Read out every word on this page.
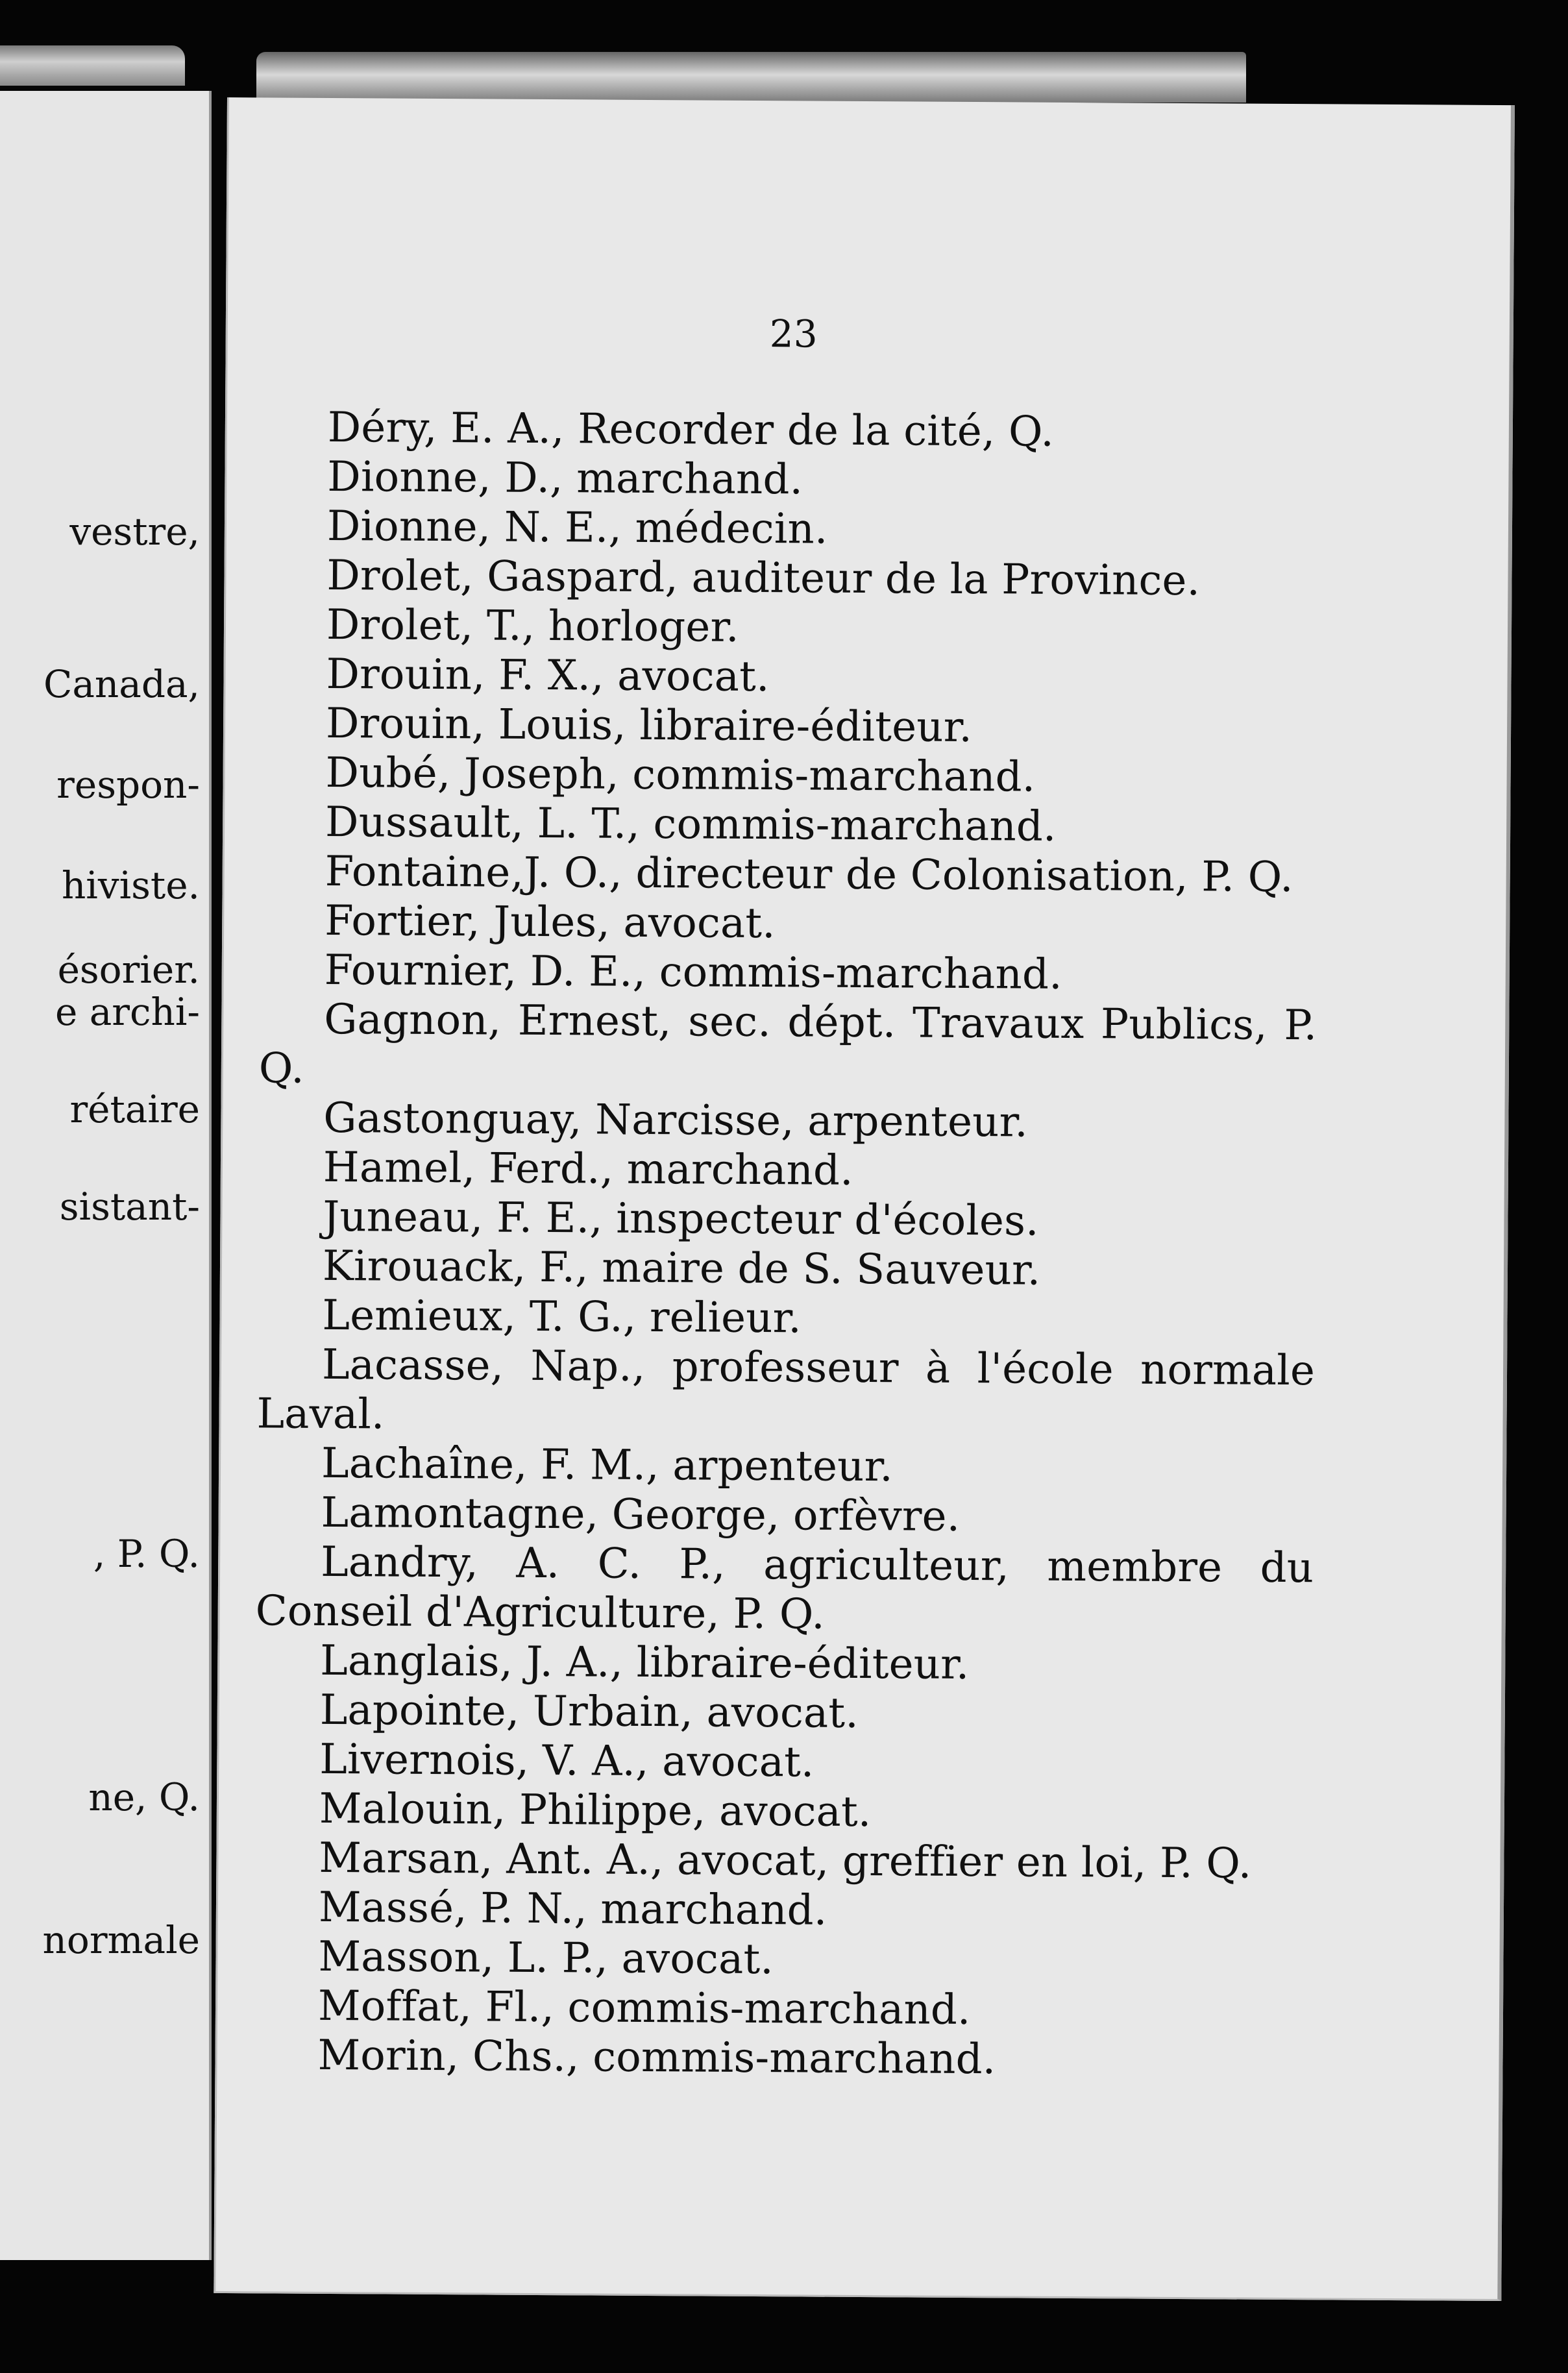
vestre,
Canada,
respon-
hiviste.
ésorier.
e archi-
rétaire
sistant-
, P. Q.
ne, Q.
normale
23
Déry, E. A., Recorder de la cité, Q.
Dionne, D., marchand.
Dionne, N. E., médecin.
Drolet, Gaspard, auditeur de la Province.
Drolet, T., horloger.
Drouin, F. X., avocat.
Drouin, Louis, libraire-éditeur.
Dubé, Joseph, commis-marchand.
Dussault, L. T., commis-marchand.
Fontaine,J. O., directeur de Colonisation, P. Q.
Fortier, Jules, avocat.
Fournier, D. E., commis-marchand.
Gagnon, Ernest, sec. dépt. Travaux Publics, P. Q.
Gastonguay, Narcisse, arpenteur.
Hamel, Ferd., marchand.
Juneau, F. E., inspecteur d'écoles.
Kirouack, F., maire de S. Sauveur.
Lemieux, T. G., relieur.
Lacasse, Nap., professeur à l'école normale Laval.
Lachaîne, F. M., arpenteur.
Lamontagne, George, orfèvre.
Landry, A. C. P., agriculteur, membre du Conseil d'Agriculture, P. Q.
Langlais, J. A., libraire-éditeur.
Lapointe, Urbain, avocat.
Livernois, V. A., avocat.
Malouin, Philippe, avocat.
Marsan, Ant. A., avocat, greffier en loi, P. Q.
Massé, P. N., marchand.
Masson, L. P., avocat.
Moffat, Fl., commis-marchand.
Morin, Chs., commis-marchand.
